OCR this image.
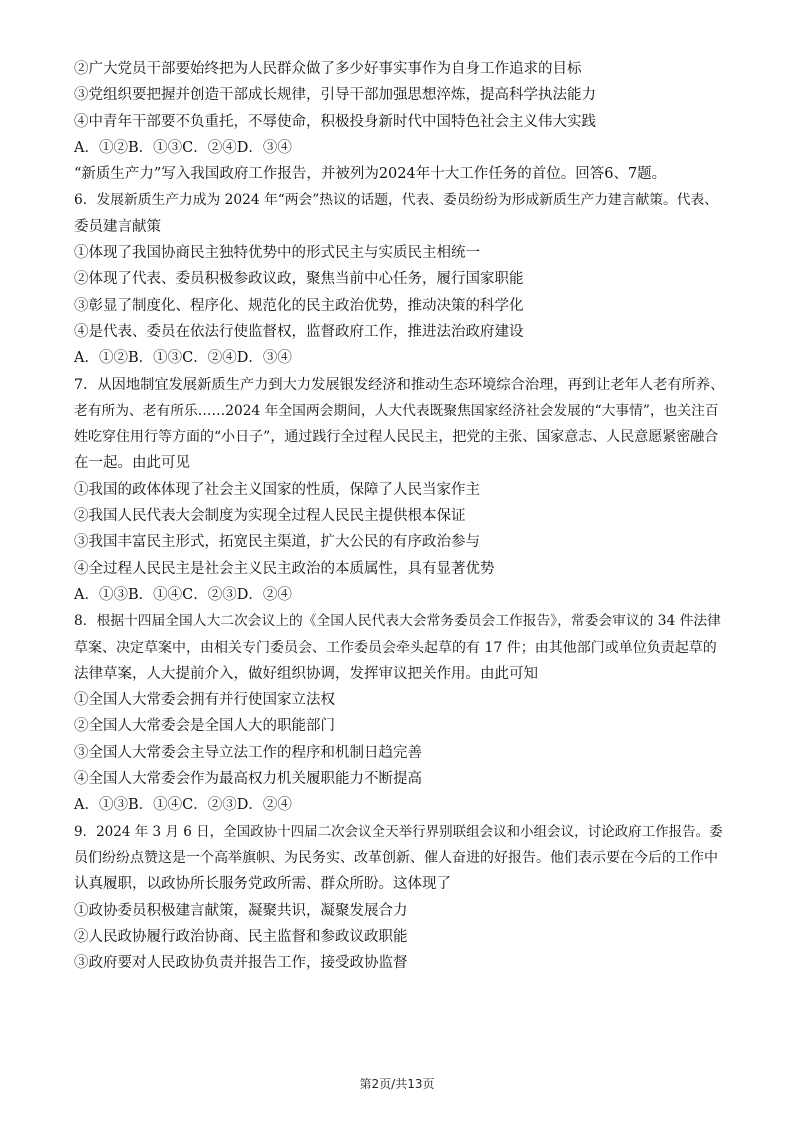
②广大党员干部要始终把为人民群众做了多少好事实事作为自身工作追求的目标
③党组织要把握并创造干部成长规律，引导干部加强思想淬炼，提高科学执法能力
④中青年干部要不负重托，不辱使命，积极投身新时代中国特色社会主义伟大实践
A．①②B．①③C．②④D．③④
“新质生产力”写入我国政府工作报告，并被列为2024年十大工作任务的首位。回答6、7题。
6．发展新质生产力成为 2024 年“两会”热议的话题，代表、委员纷纷为形成新质生产力建言献策。代表、
委员建言献策
①体现了我国协商民主独特优势中的形式民主与实质民主相统一
②体现了代表、委员积极参政议政，聚焦当前中心任务，履行国家职能
③彰显了制度化、程序化、规范化的民主政治优势，推动决策的科学化
④是代表、委员在依法行使监督权，监督政府工作，推进法治政府建设
A．①②B．①③C．②④D．③④
7．从因地制宜发展新质生产力到大力发展银发经济和推动生态环境综合治理，再到让老年人老有所养、
老有所为、老有所乐……2024 年全国两会期间，人大代表既聚焦国家经济社会发展的“大事情”，也关注百
姓吃穿住用行等方面的“小日子”，通过践行全过程人民民主，把党的主张、国家意志、人民意愿紧密融合
在一起。由此可见
①我国的政体体现了社会主义国家的性质，保障了人民当家作主
②我国人民代表大会制度为实现全过程人民民主提供根本保证
③我国丰富民主形式，拓宽民主渠道，扩大公民的有序政治参与
④全过程人民民主是社会主义民主政治的本质属性，具有显著优势
A．①③B．①④C．②③D．②④
8．根据十四届全国人大二次会议上的《全国人民代表大会常务委员会工作报告》，常委会审议的 34 件法律
草案、决定草案中，由相关专门委员会、工作委员会牵头起草的有 17 件；由其他部门或单位负责起草的
法律草案，人大提前介入，做好组织协调，发挥审议把关作用。由此可知
①全国人大常委会拥有并行使国家立法权
②全国人大常委会是全国人大的职能部门
③全国人大常委会主导立法工作的程序和机制日趋完善
④全国人大常委会作为最高权力机关履职能力不断提高
A．①③B．①④C．②③D．②④
9．2024 年 3 月 6 日，全国政协十四届二次会议全天举行界别联组会议和小组会议，讨论政府工作报告。委
员们纷纷点赞这是一个高举旗帜、为民务实、改革创新、催人奋进的好报告。他们表示要在今后的工作中
认真履职，以政协所长服务党政所需、群众所盼。这体现了
①政协委员积极建言献策，凝聚共识，凝聚发展合力
②人民政协履行政治协商、民主监督和参政议政职能
③政府要对人民政协负责并报告工作，接受政协监督
第2页/共13页
